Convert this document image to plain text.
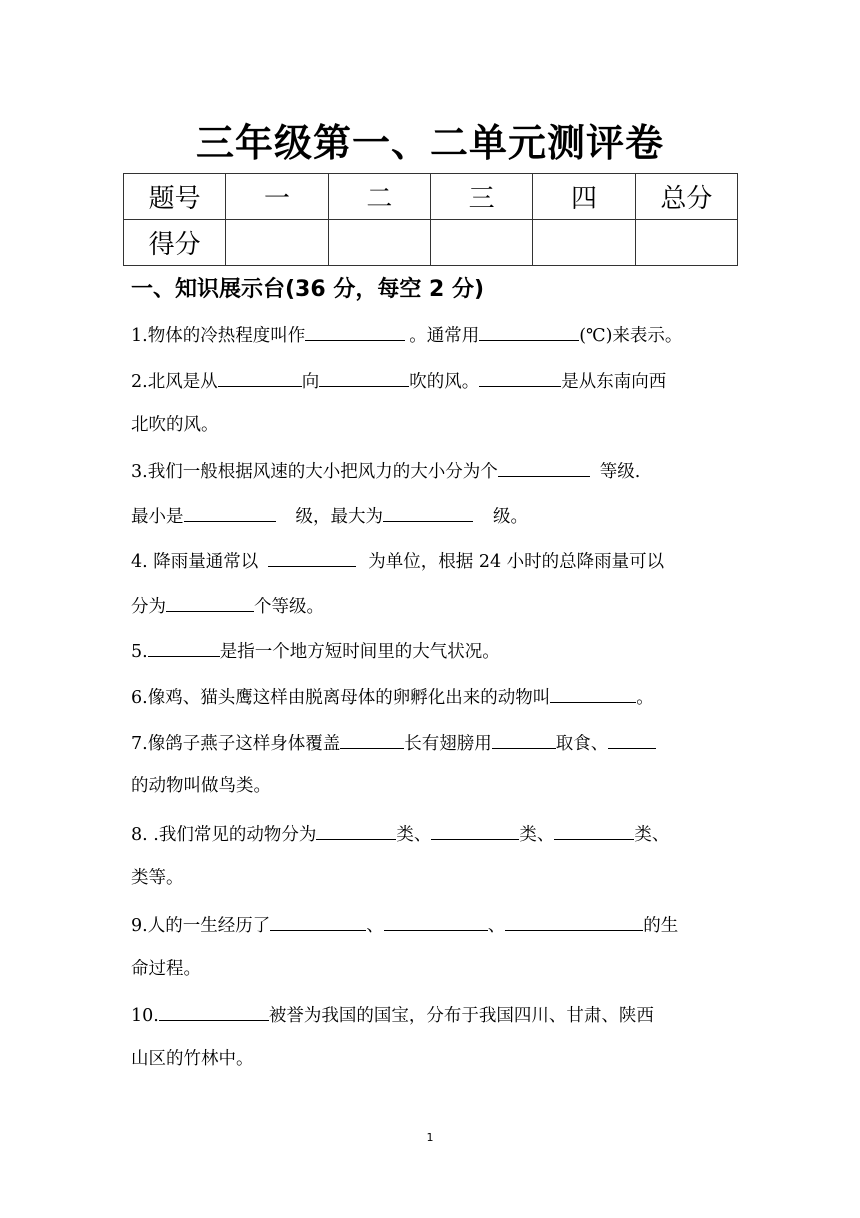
三年级第一、二单元测评卷
题号	一	二	三	四	总分
得分					
一、知识展示台(36 分，每空 2 分)
1.物体的冷热程度叫作	。通常用	(℃)来表示。
2.北风是从	向	吹的风。	是从东南向西
北吹的风。
3.我们一般根据风速的大小把风力的大小分为个	等级.
最小是	级，最大为	级。
4. 降雨量通常以	为单位，根据 24 小时的总降雨量可以
分为	个等级。
5.	是指一个地方短时间里的大气状况。
6.像鸡、猫头鹰这样由脱离母体的卵孵化出来的动物叫	。
7.像鸽子燕子这样身体覆盖	长有翅膀用	取食、
的动物叫做鸟类。
8. .我们常见的动物分为	类、	类、	类、
类等。
9.人的一生经历了	、	、	的生
命过程。
10.	被誉为我国的国宝，分布于我国四川、甘肃、陕西
山区的竹林中。
1
